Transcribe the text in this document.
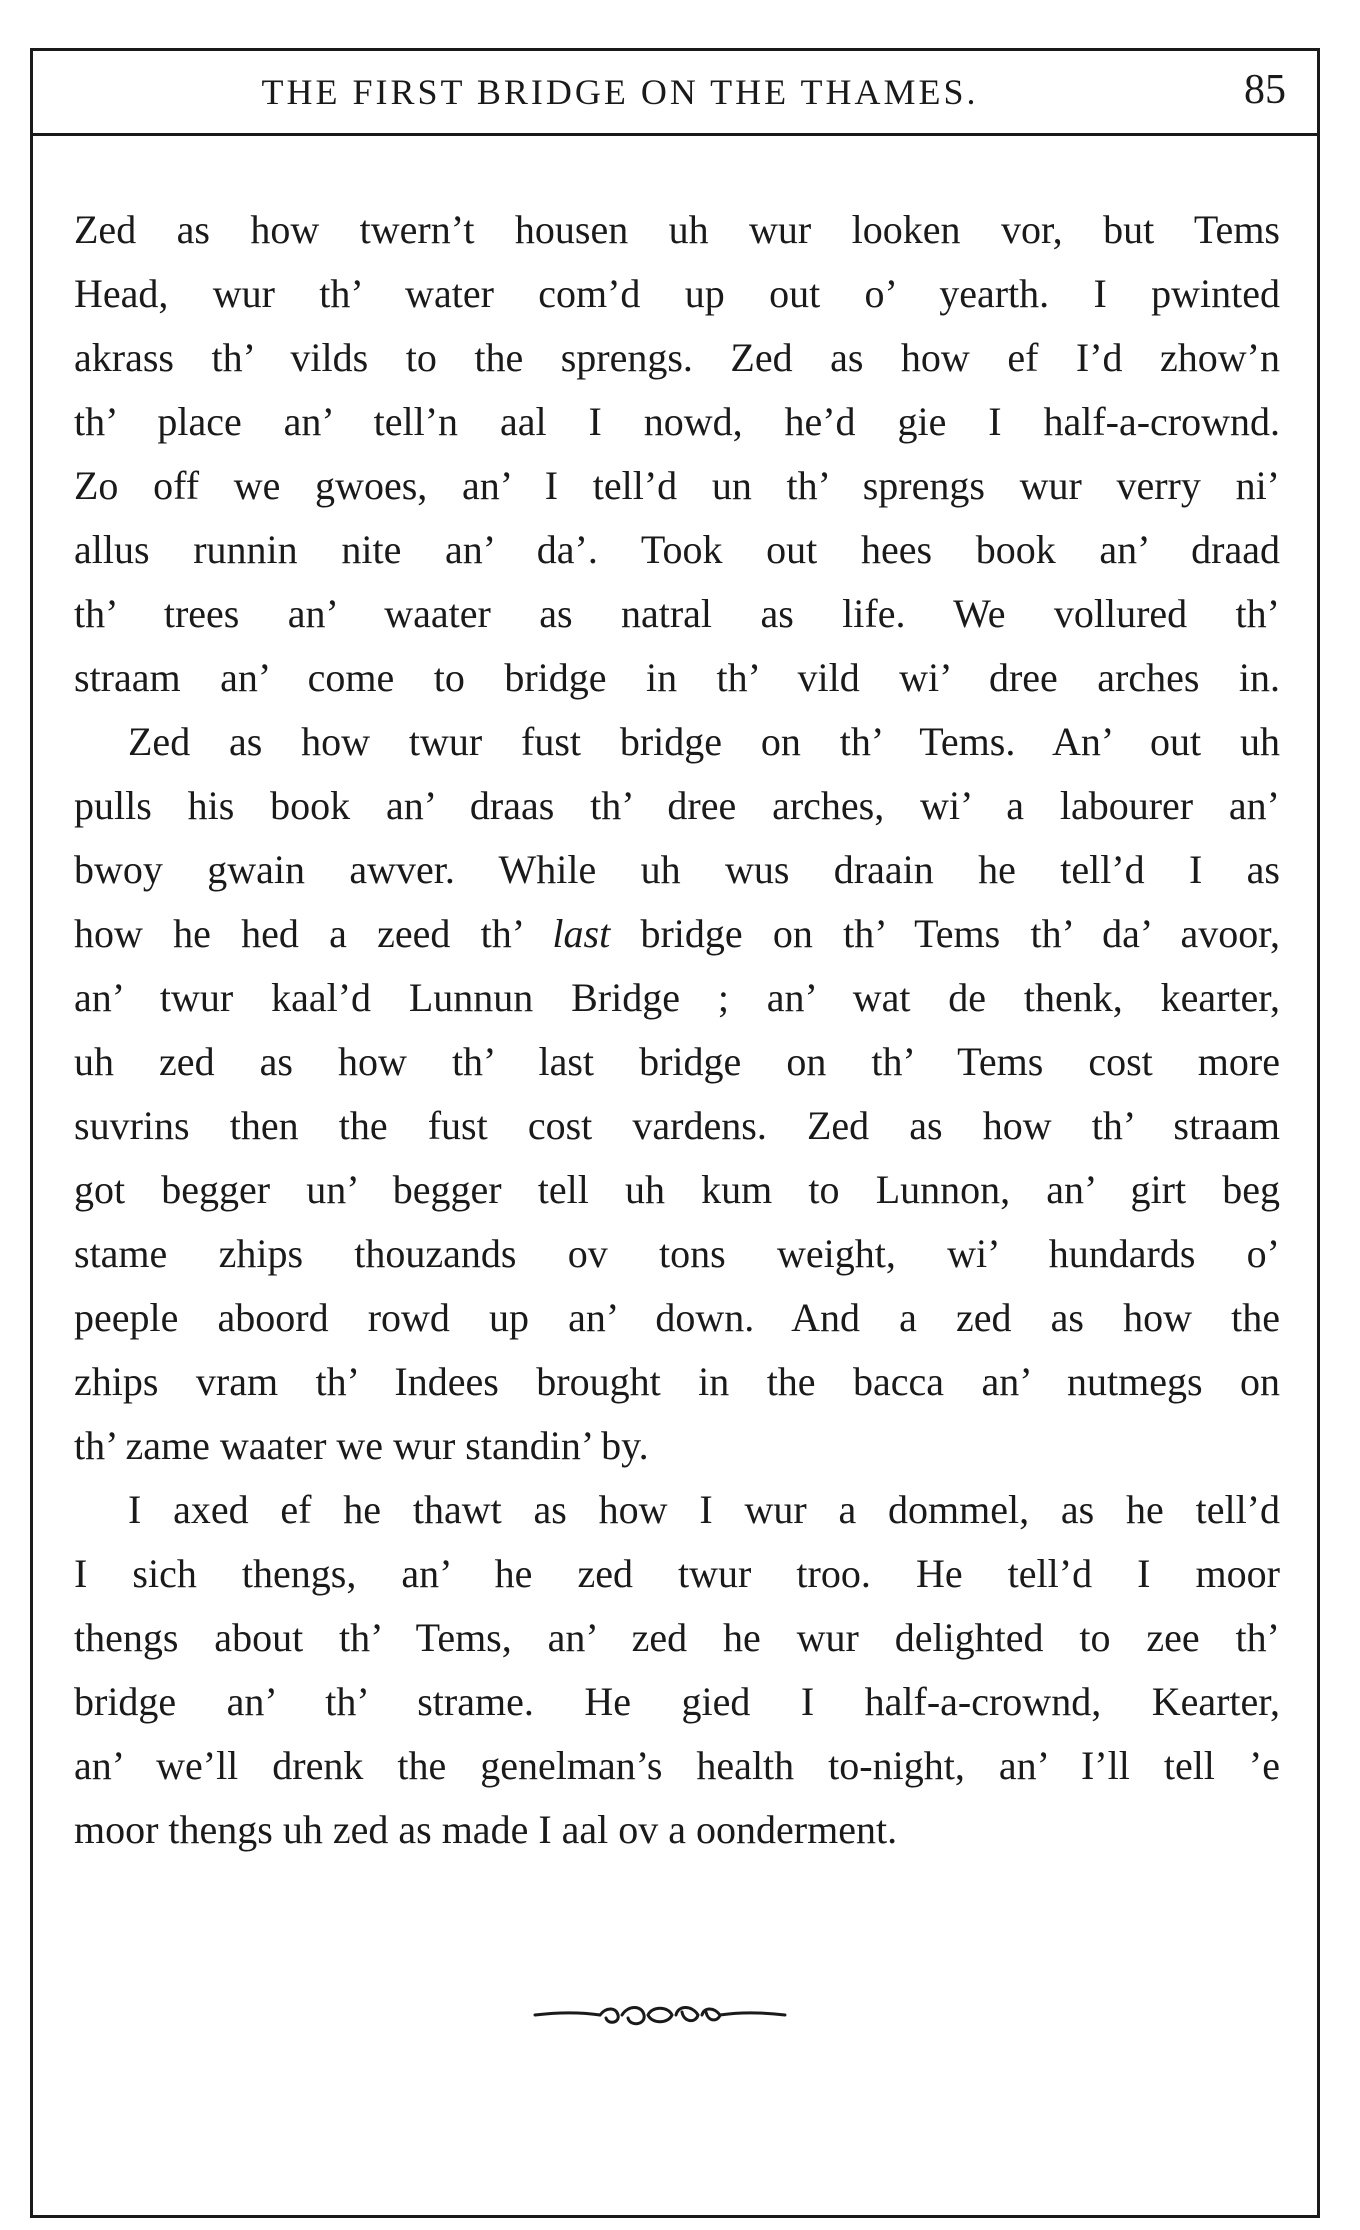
THE FIRST BRIDGE ON THE THAMES.	85
Zed as how twern’t housen uh wur looken vor, but Tems
Head, wur th’ water com’d up out o’ yearth. I pwinted
akrass th’ vilds to the sprengs. Zed as how ef I’d zhow’n
th’ place an’ tell’n aal I nowd, he’d gie I half-a-crownd.
Zo off we gwoes, an’ I tell’d un th’ sprengs wur verry ni’
allus runnin nite an’ da’. Took out hees book an’ draad
th’ trees an’ waater as natral as life. We vollured th’
straam an’ come to bridge in th’ vild wi’ dree arches in.
Zed as how twur fust bridge on th’ Tems. An’ out uh
pulls his book an’ draas th’ dree arches, wi’ a labourer an’
bwoy gwain awver. While uh wus draain he tell’d I as
how he hed a zeed th’ last bridge on th’ Tems th’ da’ avoor,
an’ twur kaal’d Lunnun Bridge ; an’ wat de thenk, kearter,
uh zed as how th’ last bridge on th’ Tems cost more
suvrins then the fust cost vardens. Zed as how th’ straam
got begger un’ begger tell uh kum to Lunnon, an’ girt beg
stame zhips thouzands ov tons weight, wi’ hundards o’
peeple aboord rowd up an’ down. And a zed as how the
zhips vram th’ Indees brought in the bacca an’ nutmegs on
th’ zame waater we wur standin’ by.
I axed ef he thawt as how I wur a dommel, as he tell’d
I sich thengs, an’ he zed twur troo. He tell’d I moor
thengs about th’ Tems, an’ zed he wur delighted to zee th’
bridge an’ th’ strame. He gied I half-a-crownd, Kearter,
an’ we’ll drenk the genelman’s health to-night, an’ I’ll tell ’e
moor thengs uh zed as made I aal ov a oonderment.
